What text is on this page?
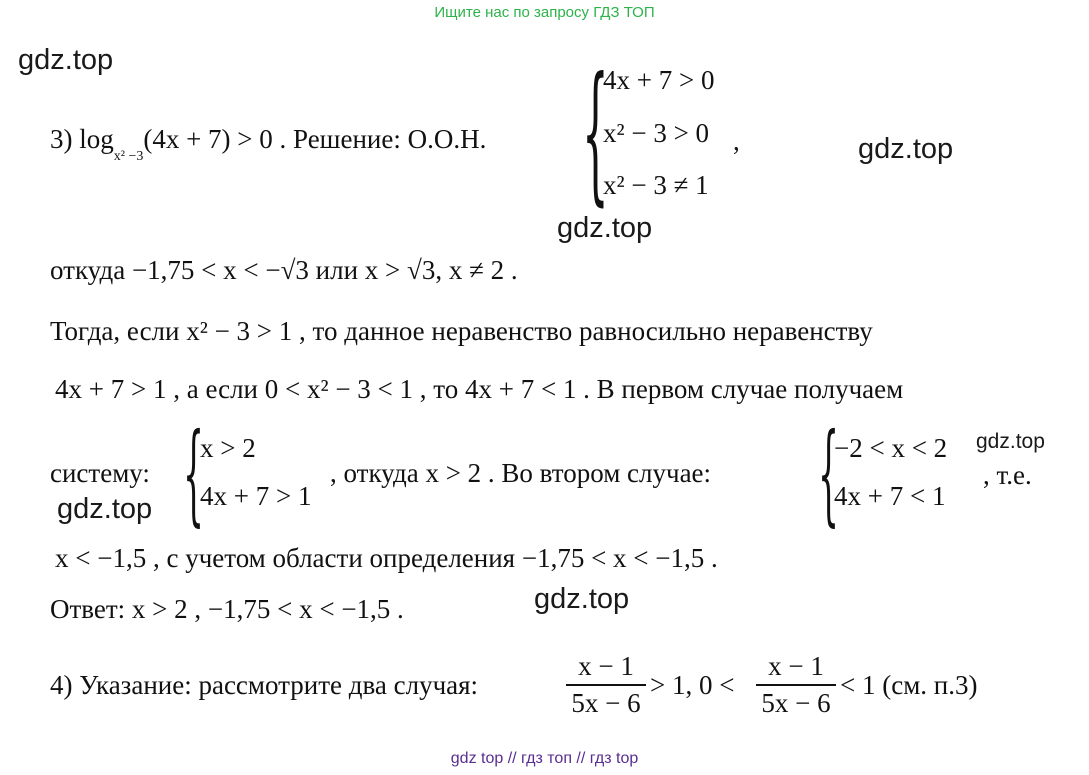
Ищите нас по запросу ГДЗ ТОП
gdz.top
gdz.top
gdz.top
gdz.top
gdz.top
gdz.top
3) $\log_{x^2 -3}(4x + 7) > 0$ . Решение: О.О.Н. {
4x + 7 > 0
x² − 3 > 0
x² − 3 ≠ 1
,
откуда −1,75 < x < −√3 или x > √3, x ≠ 2 .
Тогда, если x² − 3 > 1 , то данное неравенство равносильно неравенству
4x + 7 > 1 , а если 0 < x² − 3 < 1 , то 4x + 7 < 1 . В первом случае получаем
систему: {
x > 2
4x + 7 > 1
, откуда x > 2 . Во втором случае: {
−2 < x < 2
4x + 7 < 1
, т.е.
x < −1,5 , с учетом области определения −1,75 < x < −1,5 .
Ответ: x > 2 , −1,75 < x < −1,5 .
4) Указание: рассмотрите два случая:
x − 1
5x − 6
> 1, 0 <
x − 1
5x − 6
< 1 (см. п.3)
gdz top // гдз топ // гдз top
